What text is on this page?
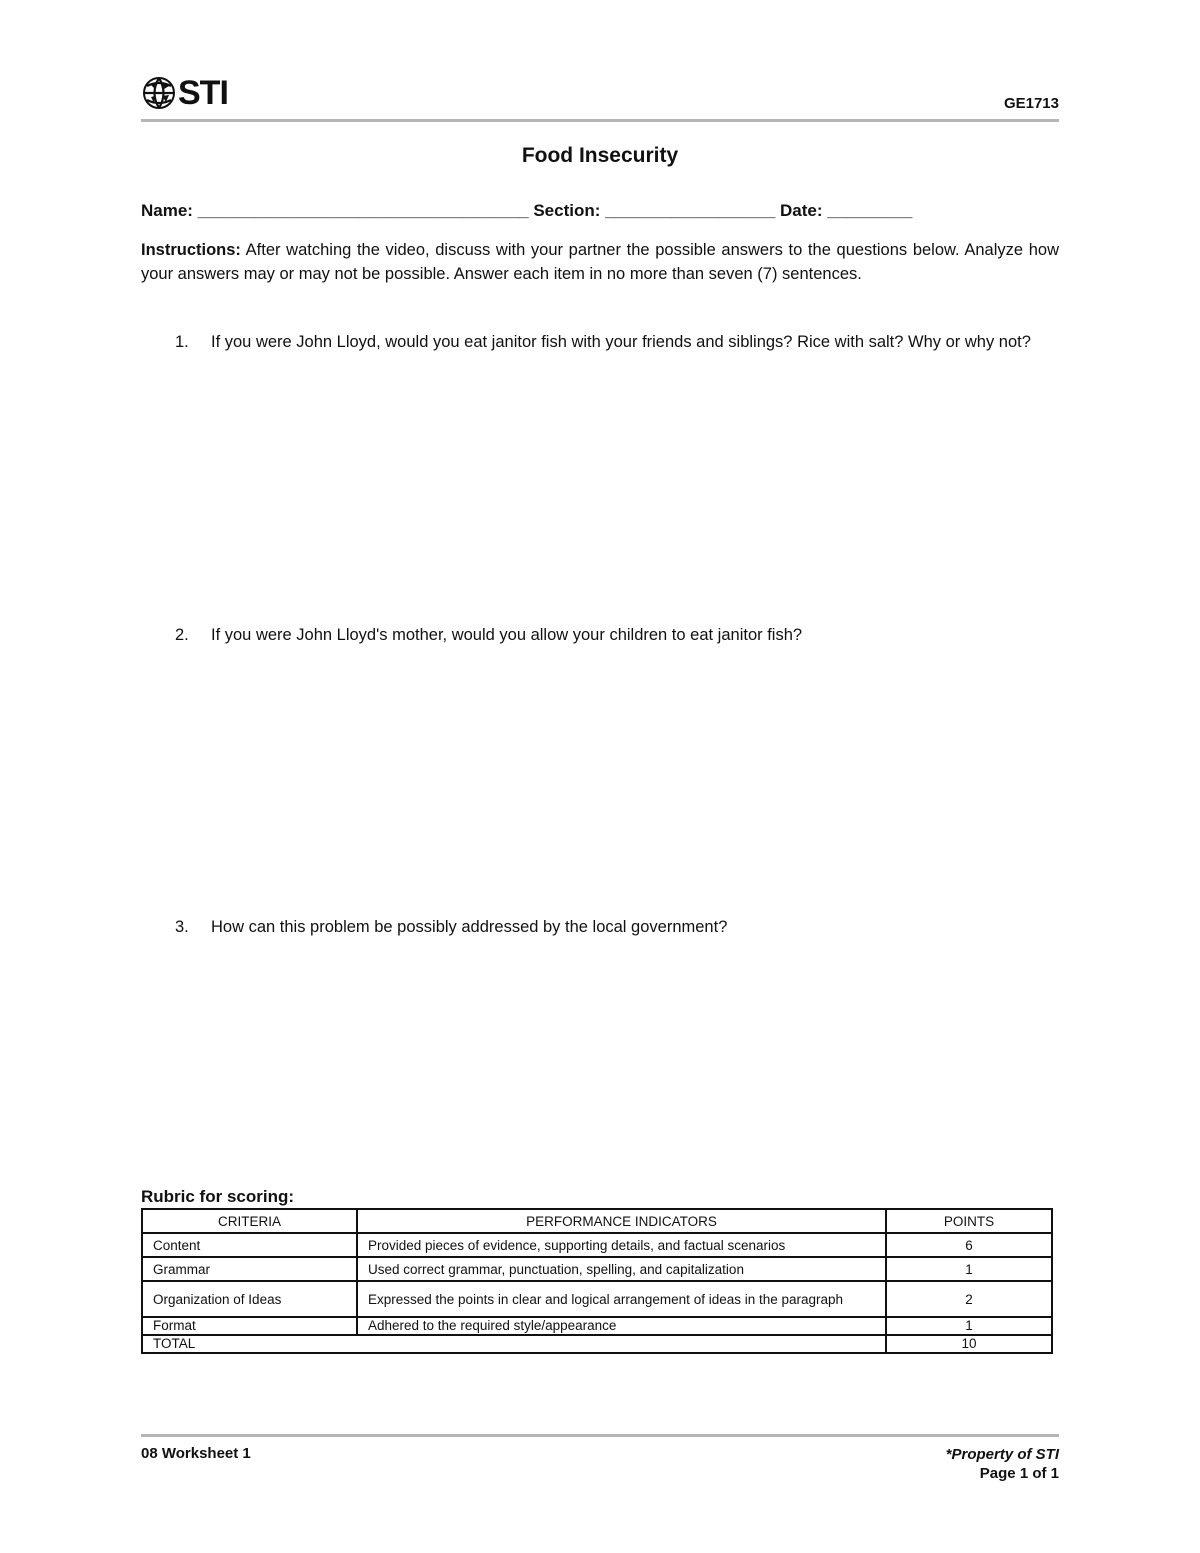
STI	GE1713
Food Insecurity
Name: ___________________________________ Section: __________________ Date: _________
Instructions: After watching the video, discuss with your partner the possible answers to the questions below. Analyze how your answers may or may not be possible. Answer each item in no more than seven (7) sentences.
1.	If you were John Lloyd, would you eat janitor fish with your friends and siblings? Rice with salt? Why or why not?
2.	If you were John Lloyd's mother, would you allow your children to eat janitor fish?
3.	How can this problem be possibly addressed by the local government?
Rubric for scoring:
CRITERIA	PERFORMANCE INDICATORS	POINTS
Content	Provided pieces of evidence, supporting details, and factual scenarios	6
Grammar	Used correct grammar, punctuation, spelling, and capitalization	1
Organization of Ideas	Expressed the points in clear and logical arrangement of ideas in the paragraph	2
Format	Adhered to the required style/appearance	1
TOTAL		10
08 Worksheet 1	*Property of STI
Page 1 of 1
